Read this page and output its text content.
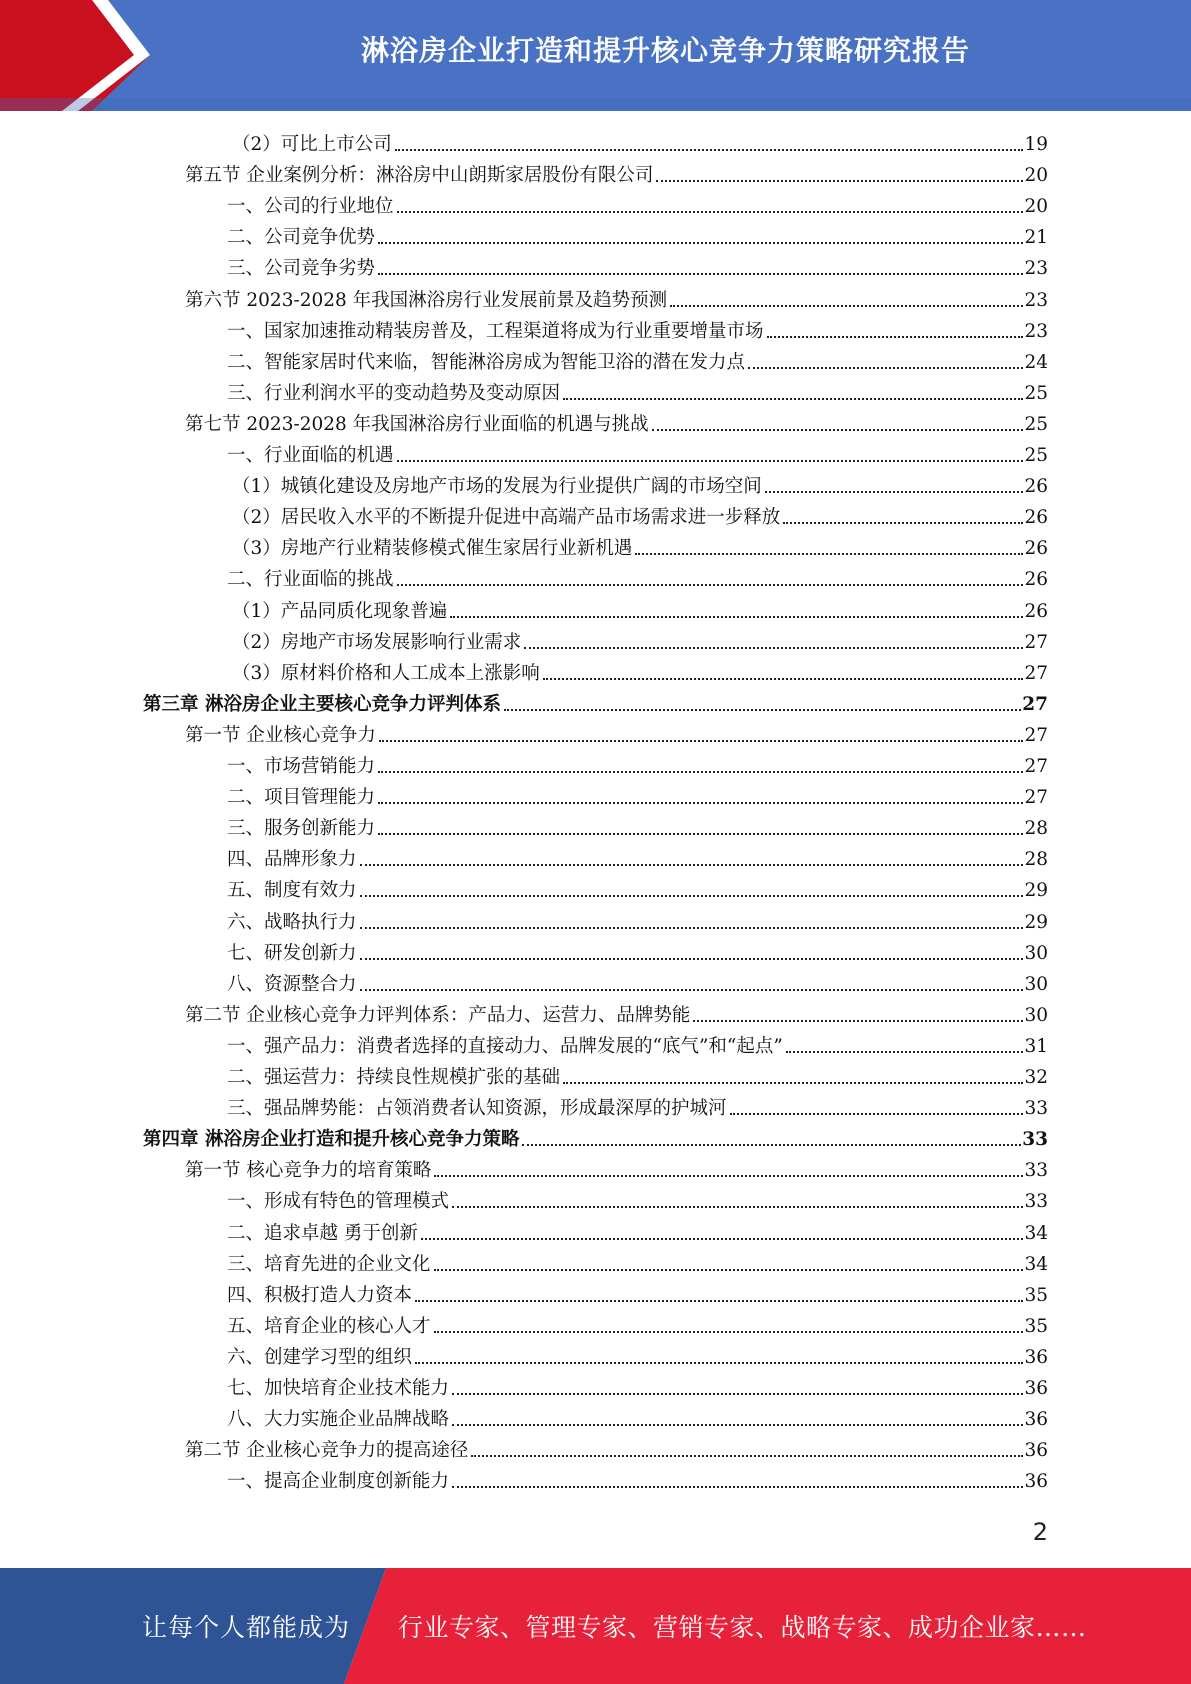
淋浴房企业打造和提升核心竞争力策略研究报告
（2）可比上市公司	19
第五节 企业案例分析：淋浴房中山朗斯家居股份有限公司	20
一、公司的行业地位	20
二、公司竞争优势	21
三、公司竞争劣势	23
第六节 2023-2028 年我国淋浴房行业发展前景及趋势预测	23
一、国家加速推动精装房普及，工程渠道将成为行业重要增量市场	23
二、智能家居时代来临，智能淋浴房成为智能卫浴的潜在发力点	24
三、行业利润水平的变动趋势及变动原因	25
第七节 2023-2028 年我国淋浴房行业面临的机遇与挑战	25
一、行业面临的机遇	25
（1）城镇化建设及房地产市场的发展为行业提供广阔的市场空间	26
（2）居民收入水平的不断提升促进中高端产品市场需求进一步释放	26
（3）房地产行业精装修模式催生家居行业新机遇	26
二、行业面临的挑战	26
（1）产品同质化现象普遍	26
（2）房地产市场发展影响行业需求	27
（3）原材料价格和人工成本上涨影响	27
第三章 淋浴房企业主要核心竞争力评判体系	27
第一节 企业核心竞争力	27
一、市场营销能力	27
二、项目管理能力	27
三、服务创新能力	28
四、品牌形象力	28
五、制度有效力	29
六、战略执行力	29
七、研发创新力	30
八、资源整合力	30
第二节 企业核心竞争力评判体系：产品力、运营力、品牌势能	30
一、强产品力：消费者选择的直接动力、品牌发展的“底气”和“起点”	31
二、强运营力：持续良性规模扩张的基础	32
三、强品牌势能：占领消费者认知资源，形成最深厚的护城河	33
第四章 淋浴房企业打造和提升核心竞争力策略	33
第一节 核心竞争力的培育策略	33
一、形成有特色的管理模式	33
二、追求卓越 勇于创新	34
三、培育先进的企业文化	34
四、积极打造人力资本	35
五、培育企业的核心人才	35
六、创建学习型的组织	36
七、加快培育企业技术能力	36
八、大力实施企业品牌战略	36
第二节 企业核心竞争力的提高途径	36
一、提高企业制度创新能力	36
2
让每个人都能成为 行业专家、管理专家、营销专家、战略专家、成功企业家……
